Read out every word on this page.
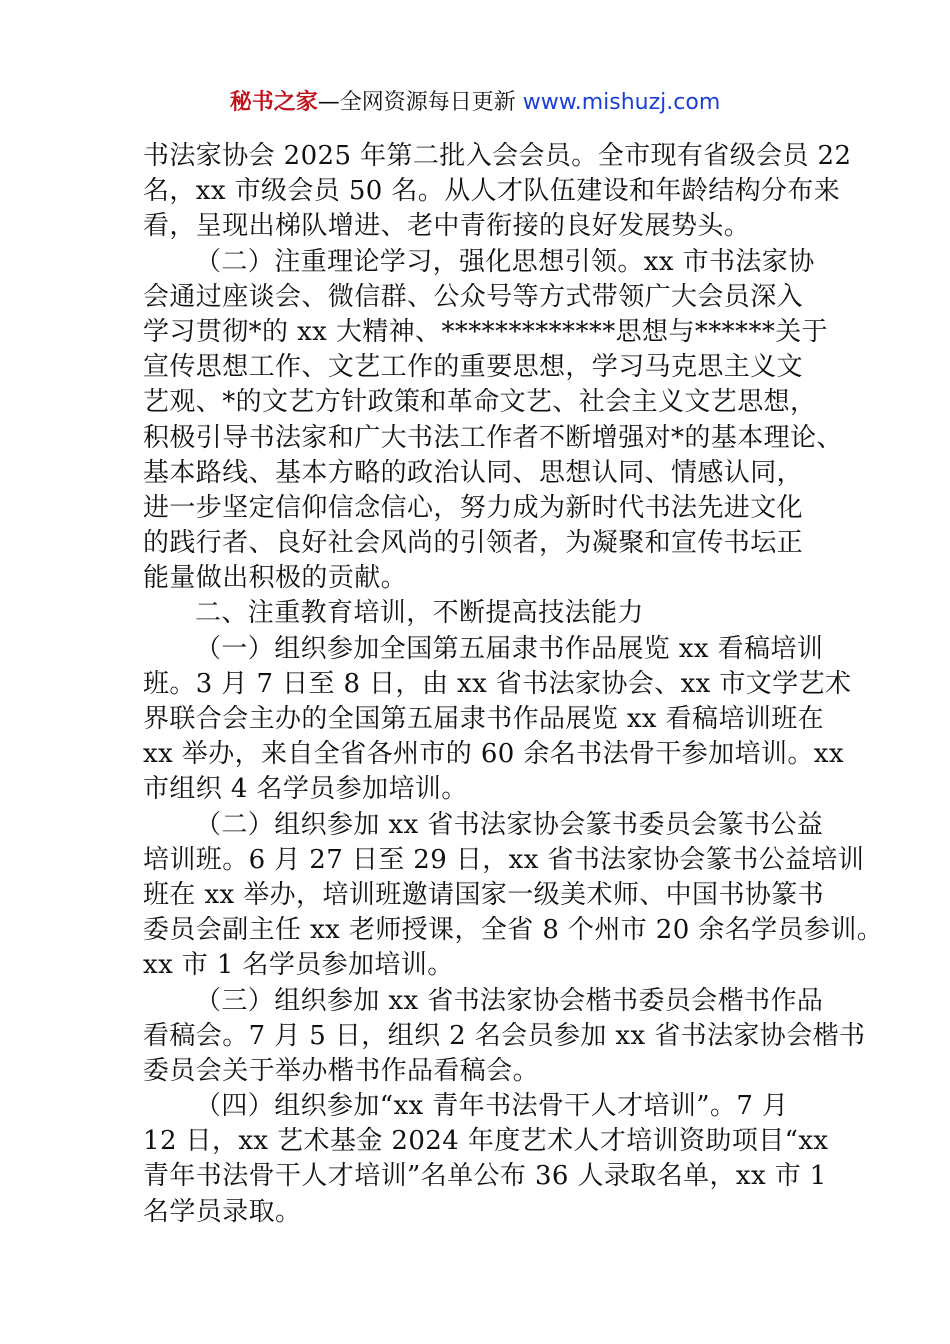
秘书之家—全网资源每日更新 www.mishuzj.com
书法家协会 2025 年第二批入会会员。全市现有省级会员 22
名，xx 市级会员 50 名。从人才队伍建设和年龄结构分布来
看，呈现出梯队增进、老中青衔接的良好发展势头。
（二）注重理论学习，强化思想引领。xx 市书法家协
会通过座谈会、微信群、公众号等方式带领广大会员深入
学习贯彻*的 xx 大精神、*************思想与******关于
宣传思想工作、文艺工作的重要思想，学习马克思主义文
艺观、*的文艺方针政策和革命文艺、社会主义文艺思想，
积极引导书法家和广大书法工作者不断增强对*的基本理论、
基本路线、基本方略的政治认同、思想认同、情感认同，
进一步坚定信仰信念信心，努力成为新时代书法先进文化
的践行者、良好社会风尚的引领者，为凝聚和宣传书坛正
能量做出积极的贡献。
二、注重教育培训，不断提高技法能力
（一）组织参加全国第五届隶书作品展览 xx 看稿培训
班。3 月 7 日至 8 日，由 xx 省书法家协会、xx 市文学艺术
界联合会主办的全国第五届隶书作品展览 xx 看稿培训班在
xx 举办，来自全省各州市的 60 余名书法骨干参加培训。xx
市组织 4 名学员参加培训。
（二）组织参加 xx 省书法家协会篆书委员会篆书公益
培训班。6 月 27 日至 29 日，xx 省书法家协会篆书公益培训
班在 xx 举办，培训班邀请国家一级美术师、中国书协篆书
委员会副主任 xx 老师授课，全省 8 个州市 20 余名学员参训。
xx 市 1 名学员参加培训。
（三）组织参加 xx 省书法家协会楷书委员会楷书作品
看稿会。7 月 5 日，组织 2 名会员参加 xx 省书法家协会楷书
委员会关于举办楷书作品看稿会。
（四）组织参加“xx 青年书法骨干人才培训”。7 月
12 日，xx 艺术基金 2024 年度艺术人才培训资助项目“xx
青年书法骨干人才培训”名单公布 36 人录取名单，xx 市 1
名学员录取。
